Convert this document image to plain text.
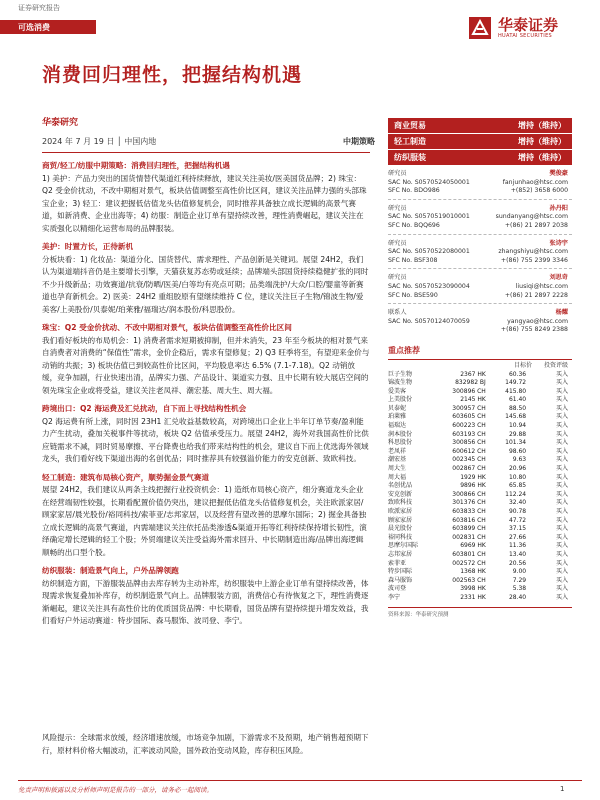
证券研究报告
可选消费	华泰证券
HUATAI SECURITIES
消费回归理性，把握结构机遇
华泰研究
2024 年 7 月 19 日 │ 中国内地	中期策略

商贸/轻工/纺服中期策略：消费回归理性，把握结构机遇
1) 美护：产品力突出的国货情替代渠道红利持续释放，建议关注美妆/医美国货品牌；2) 珠宝：Q2 受金价扰动，不改中期相对景气，板块估值调整至高性价比区间，建议关注品牌力强的头部珠宝企业；3) 轻工：建议把握低估值龙头估值修复机会，同时推荐具备独立成长逻辑的高景气赛道，如新消费、企业出海等；4) 纺服：制造企业订单有望持续改善，理性消费崛起，建议关注在实质强化以精细化运营布局的品牌服装。

美护：时置方长，正待新机
分板块看：1) 化妆品：渠道分化、国货替代、需求理性、产品创新是关键词。展望 24H2，我们认为渠道端抖音仍是主要增长引擎，天猫获复苏态势或延续；品牌端头部国货持续稳健扩张的同时不少升级新品；功效赛道/抗衰/防晒/医美/白等均有亮点可期；品类端洗护/大众/口腔/婴童等新赛道也孕育新机会。2) 医美：24H2 重组胶原有望继续维持 C 位，建议关注巨子生物/锦波生物/爱美客/上美股份/贝泰妮/珀莱雅/福瑞达/润本股份/科思股份。

珠宝：Q2 受金价扰动、不改中期相对景气，板块估值调整至高性价比区间
我们看好板块的布局机会：1) 消费者需求短期被抑制，但并未消失，23 年至今板块的相对景气来自消费者对消费的“保值性”需求，金价企稳后，需求有望修复；2) Q3 旺季将至，有望迎来金价与动销的共振；3) 板块估值已到较高性价比区间，平均股息率达 6.5% (7.1-7.18)。Q2 动销放缓，竞争加剧，行业快速出清，品牌实力强、产品设计、渠道实力强、且中长期有较大展店空间的领先珠宝企业或将受益，建议关注老凤祥、潮宏基、周大生、周大福。

跨境出口：Q2 海运费及汇兑扰动，自下而上寻找结构性机会
Q2 海运费有所上涨，同时因 23H1 汇兑收益基数较高，对跨境出口企业上半年订单节奏/盈利能力产生扰动，叠加关税事件等扰动，板块 Q2 估值承受压力。展望 24H2，海外对我国高性价比供应链需求不减，同时贸易摩擦、平台降费也给我们带来结构性的机会，建议自下而上优选海外领域龙头，我们看好线下渠道出海的名创优品；同时推荐具有较强溢价能力的安克创新、致欧科技。

轻工制造：建筑布局核心资产，顺势掘金景气赛道
展望 24H2，我们建议从两条主线把握行业投资机会：1) 造纸布局核心资产，细分赛道龙头企业在经营端韧性较强，长期看配置价值仍突出，建议把握低估值龙头估值修复机会，关注欧派家居/顾家家居/晨光股份/裕同科技/索菲亚/志邦家居，以及经营有望改善的思摩尔国际；2) 掘金具备独立成长逻辑的高景气赛道，内需端建议关注依托品类渗透&渠道开拓等红利持续保持增长韧性，演绎确定增长逻辑的轻工个股；外贸端建议关注受益海外需求回升、中长期制造出海/品牌出海逻辑顺畅的出口型个股。

纺织服装：制造景气向上，户外品牌领跑
纺织制造方面，下游服装品牌由去库存转为主动补库，纺织服装中上游企业订单有望持续改善，体现需求恢复叠加补库存，纺织制造景气向上。品牌服装方面，消费信心有待恢复之下，理性消费逐渐崛起，建议关注具有高性价比的优质国货品牌：中长期看，国货品牌有望持续提升增发效益，我们看好户外运动赛道：特步国际、森马服饰、波司登、李宁。

风险提示：全球需求放缓，经济增速放缓，市场竞争加剧，下游需求不及预期，地产销售超预期下行，原材料价格大幅波动，汇率波动风险，国外政治变动风险，库存积压风险。
商业贸易	增持（维持）
轻工制造	增持（维持）
纺织服装	增持（维持）
研究员	樊俊豪
SAC No. S0570524050001	fanjunhao@htsc.com
SFC No. BDO986	+(852) 3658 6000
研究员	孙丹阳
SAC No. S0570519010001	sundanyang@htsc.com
SFC No. BQQ696	+(86) 21 2897 2038
研究员	张诗宇
SAC No. S0570522080001	zhangshiyu@htsc.com
SFC No. BSF308	+(86) 755 2399 3346
研究员	刘思奇
SAC No. S0570523090004	liusiqi@htsc.com
SFC No. BSE590	+(86) 21 2897 2228
联系人	杨耀
SAC No. S0570124070059	yangyao@htsc.com
+(86) 755 8249 2388
重点推荐
		目标价	投资评级
巨子生物	2367 HK	60.36	买入
锦波生物	832982 BJ	149.72	买入
爱美客	300896 CH	415.80	买入
上美股份	2145 HK	61.40	买入
贝泰妮	300957 CH	88.50	买入
珀莱雅	603605 CH	145.68	买入
福瑞达	600223 CH	10.94	买入
润本股份	603193 CH	29.88	买入
科思股份	300856 CH	101.34	买入
老凤祥	600612 CH	98.60	买入
潮宏基	002345 CH	9.63	买入
周大生	002867 CH	20.96	买入
周大福	1929 HK	10.80	买入
名创优品	9896 HK	65.85	买入
安克创新	300866 CH	112.24	买入
致欧科技	301376 CH	32.40	买入
欧派家居	603833 CH	90.78	买入
顾家家居	603816 CH	47.72	买入
晨光股份	603899 CH	37.15	买入
裕同科技	002831 CH	27.66	买入
思摩尔国际	6969 HK	11.36	买入
志邦家居	603801 CH	13.40	买入
索菲亚	002572 CH	20.56	买入
特步国际	1368 HK	9.00	买入
森马服饰	002563 CH	7.29	买入
波司登	3998 HK	5.38	买入
李宁	2331 HK	28.40	买入
资料来源：华泰研究预测
免责声明和披露以及分析师声明是报告的一部分，请务必一起阅读。	1
